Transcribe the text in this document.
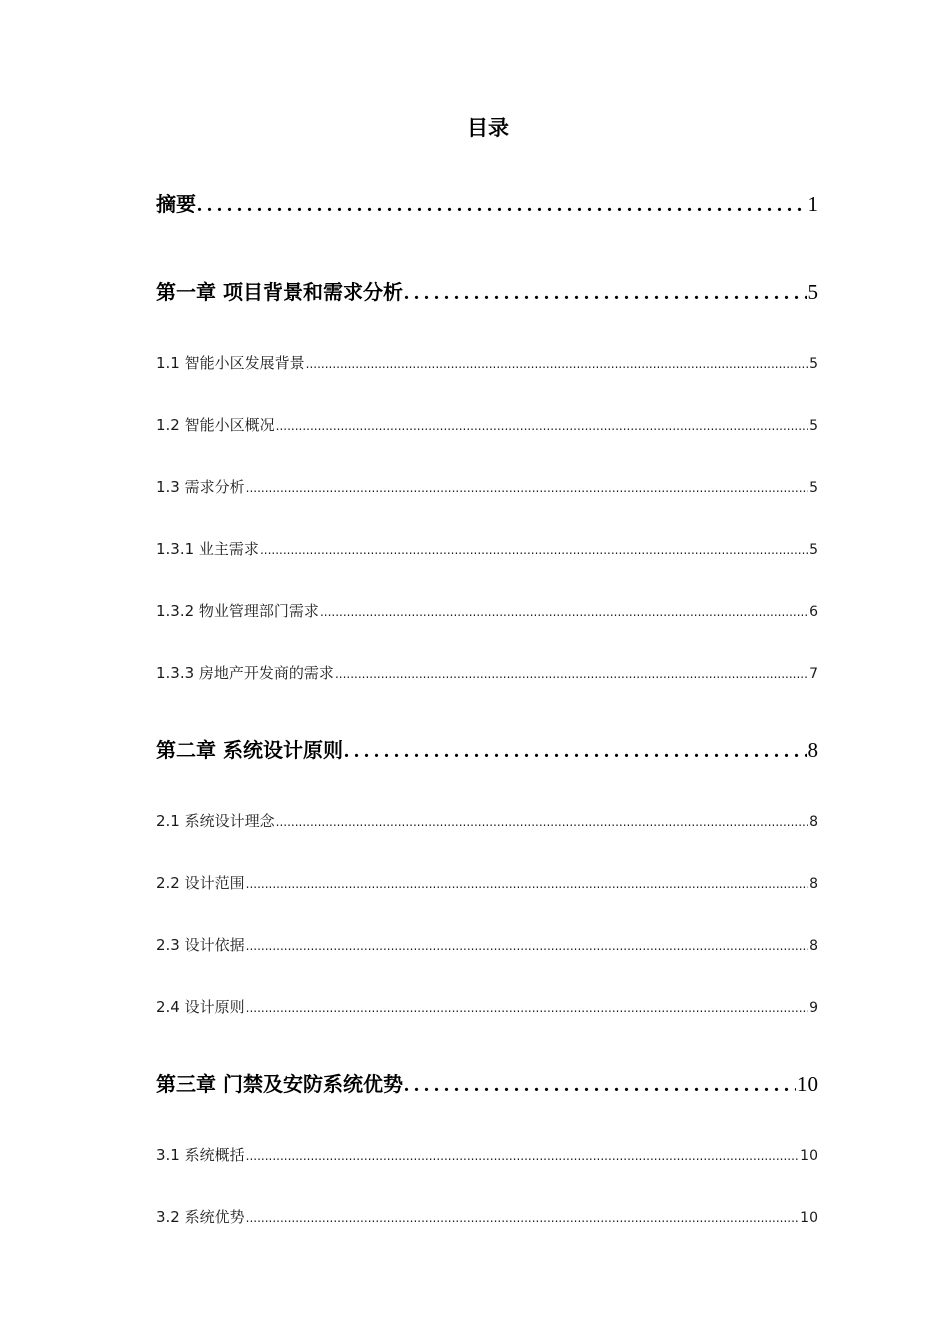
目录
摘要 . . .	1
第一章 项目背景和需求分析 . . .	5
1.1 智能小区发展背景 .....	5
1.2 智能小区概况 .....	5
1.3 需求分析 .....	5
1.3.1 业主需求 .....	5
1.3.2 物业管理部门需求 .....	6
1.3.3 房地产开发商的需求 .....	7
第二章 系统设计原则 . . .	8
2.1 系统设计理念 .....	8
2.2 设计范围 .....	8
2.3 设计依据 .....	8
2.4 设计原则 .....	9
第三章 门禁及安防系统优势 . . .	10
3.1 系统概括 .....	10
3.2 系统优势 .....	10
